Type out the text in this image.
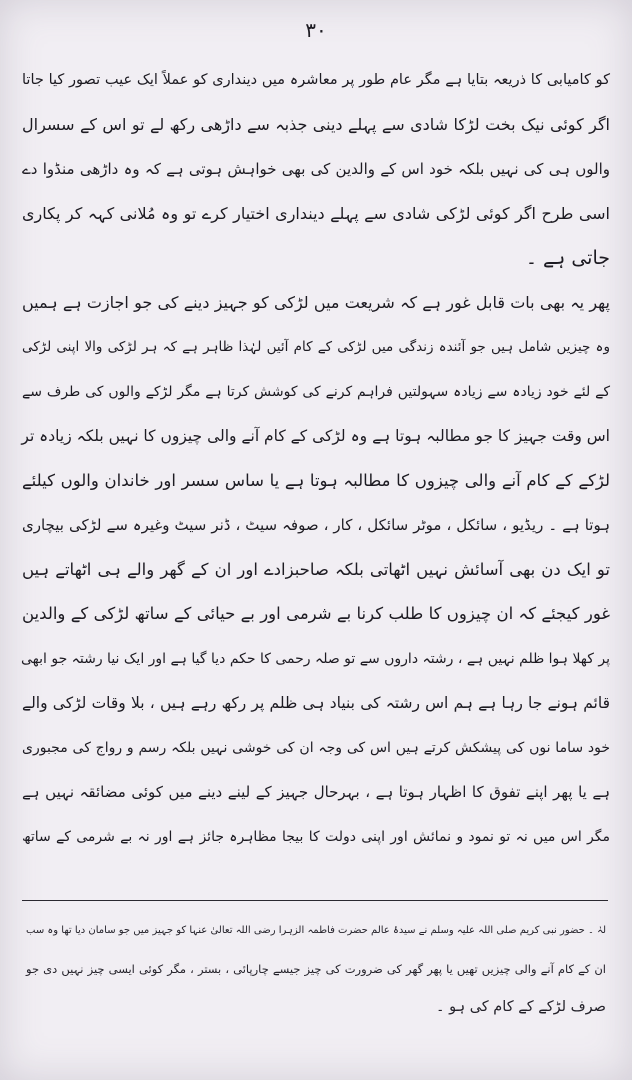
۳۰
کو کامیابی کا ذریعہ بتایا ہے مگر عام طور پر معاشرہ میں دینداری کو عملاً ایک عیب تصور کیا جاتا
اگر کوئی نیک بخت لڑکا شادی سے پہلے دینی جذبہ سے داڑھی رکھ لے تو اس کے سسرال
والوں ہی کی نہیں بلکہ خود اس کے والدین کی بھی خواہش ہوتی ہے کہ وہ داڑھی منڈوا دے
اسی طرح اگر کوئی لڑکی شادی سے پہلے دینداری اختیار کرے تو وہ مُلانی کہہ کر پکاری
جاتی ہے ۔
پھر یہ بھی بات قابل غور ہے کہ شریعت میں لڑکی کو جہیز دینے کی جو اجازت ہے ہمیں
وہ چیزیں شامل ہیں جو آئندہ زندگی میں لڑکی کے کام آئیں لہٰذا ظاہر ہے کہ ہر لڑکی والا اپنی لڑکی
کے لئے خود زیادہ سے زیادہ سہولتیں فراہم کرنے کی کوشش کرتا ہے مگر لڑکے والوں کی طرف سے
اس وقت جہیز کا جو مطالبہ ہوتا ہے وہ لڑکی کے کام آنے والی چیزوں کا نہیں بلکہ زیادہ تر
لڑکے کے کام آنے والی چیزوں کا مطالبہ ہوتا ہے یا ساس سسر اور خاندان والوں کیلئے
ہوتا ہے ۔ ریڈیو ، سائکل ، موٹر سائکل ، کار ، صوفہ سیٹ ، ڈنر سیٹ وغیرہ سے لڑکی بیچاری
تو ایک دن بھی آسائش نہیں اٹھاتی بلکہ صاحبزادے اور ان کے گھر والے ہی اٹھاتے ہیں
غور کیجئے کہ ان چیزوں کا طلب کرنا بے شرمی اور بے حیائی کے ساتھ لڑکی کے والدین
پر کھلا ہوا ظلم نہیں ہے ، رشتہ داروں سے تو صلہ رحمی کا حکم دیا گیا ہے اور ایک نیا رشتہ جو ابھی
قائم ہونے جا رہا ہے ہم اس رشتہ کی بنیاد ہی ظلم پر رکھ رہے ہیں ، بلا وقات لڑکی والے
خود ساما نوں کی پیشکش کرتے ہیں اس کی وجہ ان کی خوشی نہیں بلکہ رسم و رواج کی مجبوری
ہے یا پھر اپنے تفوق کا اظہار ہوتا ہے ، بہرحال جہیز کے لینے دینے میں کوئی مضائقہ نہیں ہے
مگر اس میں نہ تو نمود و نمائش اور اپنی دولت کا بیجا مظاہرہ جائز ہے اور نہ بے شرمی کے ساتھ
لہٰ ۔ حضور نبی کریم صلی اللہ علیہ وسلم نے سیدۂ عالم حضرت فاطمہ الزہرا رضی اللہ تعالیٰ عنہا کو جہیز میں جو سامان دیا تھا وہ سب
ان کے کام آنے والی چیزیں تھیں یا پھر گھر کی ضرورت کی چیز جیسے چارپائی ، بستر ، مگر کوئی ایسی چیز نہیں دی جو
صرف لڑکے کے کام کی ہو ۔
